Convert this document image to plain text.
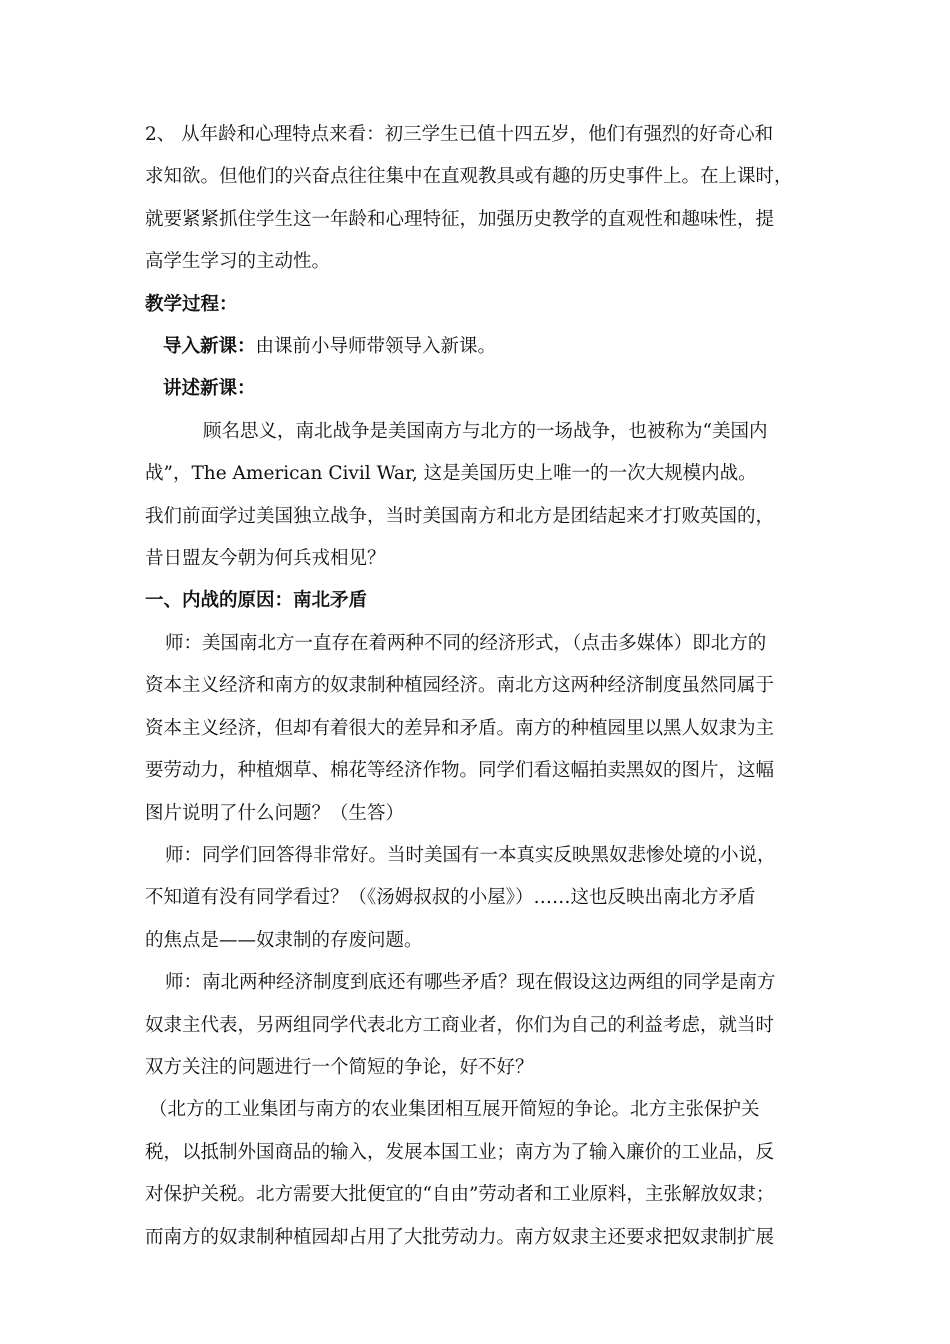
2、 从年龄和心理特点来看：初三学生已值十四五岁，他们有强烈的好奇心和
求知欲。但他们的兴奋点往往集中在直观教具或有趣的历史事件上。在上课时，
就要紧紧抓住学生这一年龄和心理特征，加强历史教学的直观性和趣味性，提
高学生学习的主动性。

教学过程：

导入新课：由课前小导师带领导入新课。

讲述新课：

顾名思义，南北战争是美国南方与北方的一场战争，也被称为“美国内
战”，The American Civil War, 这是美国历史上唯一的一次大规模内战。
我们前面学过美国独立战争，当时美国南方和北方是团结起来才打败英国的，
昔日盟友今朝为何兵戎相见？

一、内战的原因：南北矛盾

师：美国南北方一直存在着两种不同的经济形式，（点击多媒体）即北方的
资本主义经济和南方的奴隶制种植园经济。南北方这两种经济制度虽然同属于
资本主义经济，但却有着很大的差异和矛盾。南方的种植园里以黑人奴隶为主
要劳动力，种植烟草、棉花等经济作物。同学们看这幅拍卖黑奴的图片，这幅
图片说明了什么问题？（生答）

师：同学们回答得非常好。当时美国有一本真实反映黑奴悲惨处境的小说，
不知道有没有同学看过？（《汤姆叔叔的小屋》）……这也反映出南北方矛盾
的焦点是——奴隶制的存废问题。

师：南北两种经济制度到底还有哪些矛盾？现在假设这边两组的同学是南方
奴隶主代表，另两组同学代表北方工商业者，你们为自己的利益考虑，就当时
双方关注的问题进行一个简短的争论，好不好？

（北方的工业集团与南方的农业集团相互展开简短的争论。北方主张保护关
税，以抵制外国商品的输入，发展本国工业；南方为了输入廉价的工业品，反
对保护关税。北方需要大批便宜的“自由”劳动者和工业原料，主张解放奴隶；
而南方的奴隶制种植园却占用了大批劳动力。南方奴隶主还要求把奴隶制扩展
